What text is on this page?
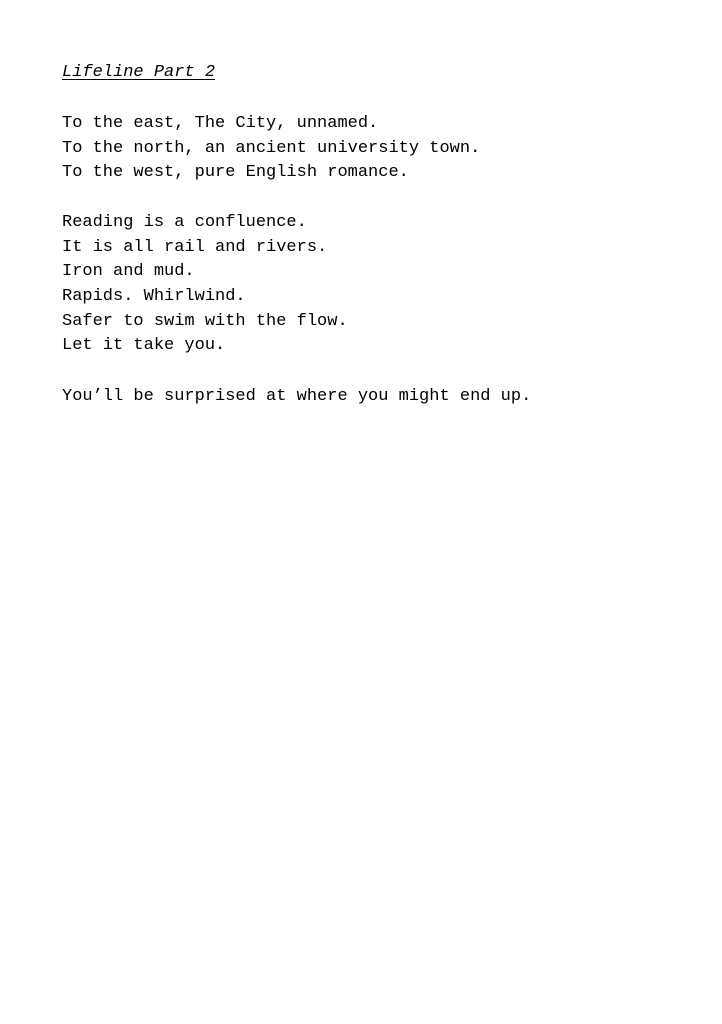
Lifeline Part 2
To the east, The City, unnamed.
To the north, an ancient university town.
To the west, pure English romance.
Reading is a confluence.
It is all rail and rivers.
Iron and mud.
Rapids. Whirlwind.
Safer to swim with the flow.
Let it take you.
You’ll be surprised at where you might end up.
